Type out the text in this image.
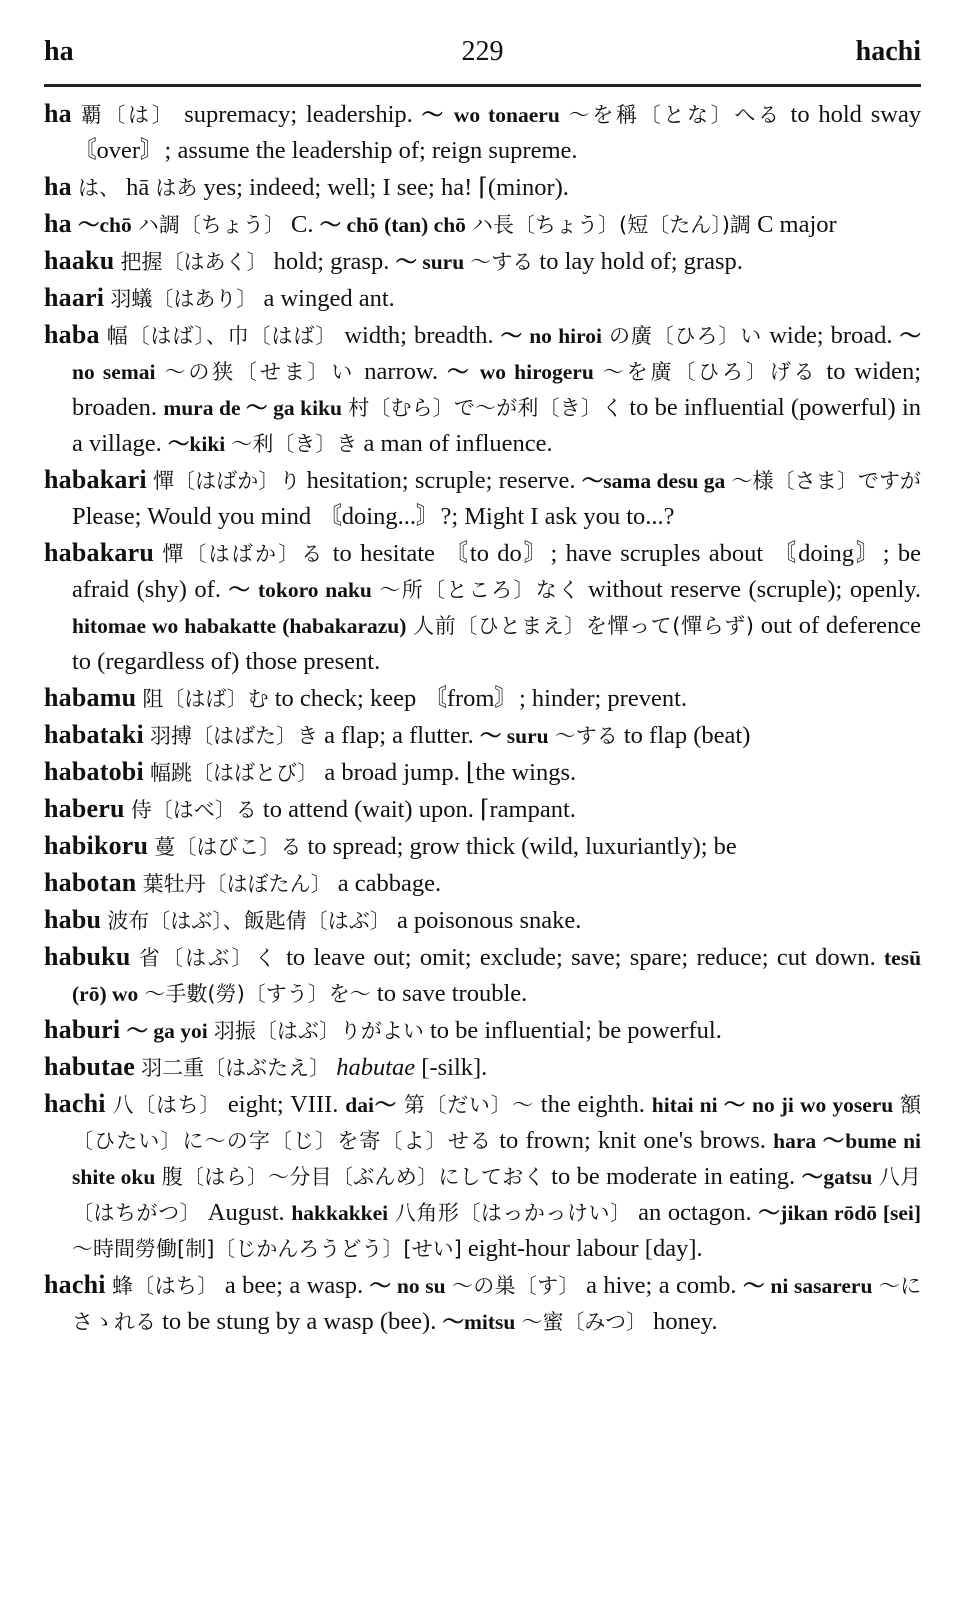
ha	229	hachi
ha 覇〔は〕 supremacy; leadership. ～ wo tonaeru ～を稱〔とな〕へる to hold sway 〘over〙; assume the leadership of; reign supreme.
ha は、 hā はあ yes; indeed; well; I see; ha! ⌈(minor).
ha ～chō ハ調〔ちょう〕 C. ～ chō (tan) chō ハ長〔ちょう〕(短〔たん〕)調 C major
haaku 把握〔はあく〕 hold; grasp. ～ suru ～する to lay hold of; grasp.
haari 羽蟻〔はあり〕 a winged ant.
haba 幅〔はば〕、巾〔はば〕 width; breadth. ～ no hiroi の廣〔ひろ〕い wide; broad. ～ no semai ～の狭〔せま〕い narrow. ～ wo hirogeru ～を廣〔ひろ〕げる to widen; broaden. mura de ～ ga kiku 村〔むら〕で～が利〔き〕く to be influential (powerful) in a village. ～kiki ～利〔き〕き a man of influence.
habakari 憚〔はばか〕り hesitation; scruple; reserve. ～sama desu ga ～様〔さま〕ですが Please; Would you mind 〘doing...〙?; Might I ask you to...?
habakaru 憚〔はばか〕る to hesitate 〘to do〙; have scruples about 〘doing〙; be afraid (shy) of. ～ tokoro naku ～所〔ところ〕なく without reserve (scruple); openly. hitomae wo habakatte (habakarazu) 人前〔ひとまえ〕を憚って(憚らず) out of deference to (regardless of) those present.
habamu 阻〔はば〕む to check; keep 〘from〙; hinder; prevent.
habataki 羽搏〔はばた〕き a flap; a flutter. ～ suru ～する to flap (beat)
habatobi 幅跳〔はばとび〕 a broad jump. ⌊the wings.
haberu 侍〔はべ〕る to attend (wait) upon. ⌈rampant.
habikoru 蔓〔はびこ〕る to spread; grow thick (wild, luxuriantly); be
habotan 葉牡丹〔はぼたん〕 a cabbage.
habu 波布〔はぶ〕、飯匙倩〔はぶ〕 a poisonous snake.
habuku 省〔はぶ〕く to leave out; omit; exclude; save; spare; reduce; cut down. tesū (rō) wo ～手數(勞)〔すう〕を～ to save trouble.
haburi ～ ga yoi 羽振〔はぶ〕りがよい to be influential; be powerful.
habutae 羽二重〔はぶたえ〕 habutae [-silk].
hachi 八〔はち〕 eight; VIII. dai～ 第〔だい〕～ the eighth. hitai ni ～ no ji wo yoseru 額〔ひたい〕に～の字〔じ〕を寄〔よ〕せる to frown; knit one's brows. hara ～bume ni shite oku 腹〔はら〕～分目〔ぶんめ〕にしておく to be moderate in eating. ～gatsu 八月〔はちがつ〕 August. hakkakkei 八角形〔はっかっけい〕 an octagon. ～jikan rōdō [sei] ～時間勞働[制]〔じかんろうどう〕[せい] eight-hour labour [day].
hachi 蜂〔はち〕 a bee; a wasp. ～ no su ～の巣〔す〕 a hive; a comb. ～ ni sasareru ～にさゝれる to be stung by a wasp (bee). ～mitsu ～蜜〔みつ〕 honey.
